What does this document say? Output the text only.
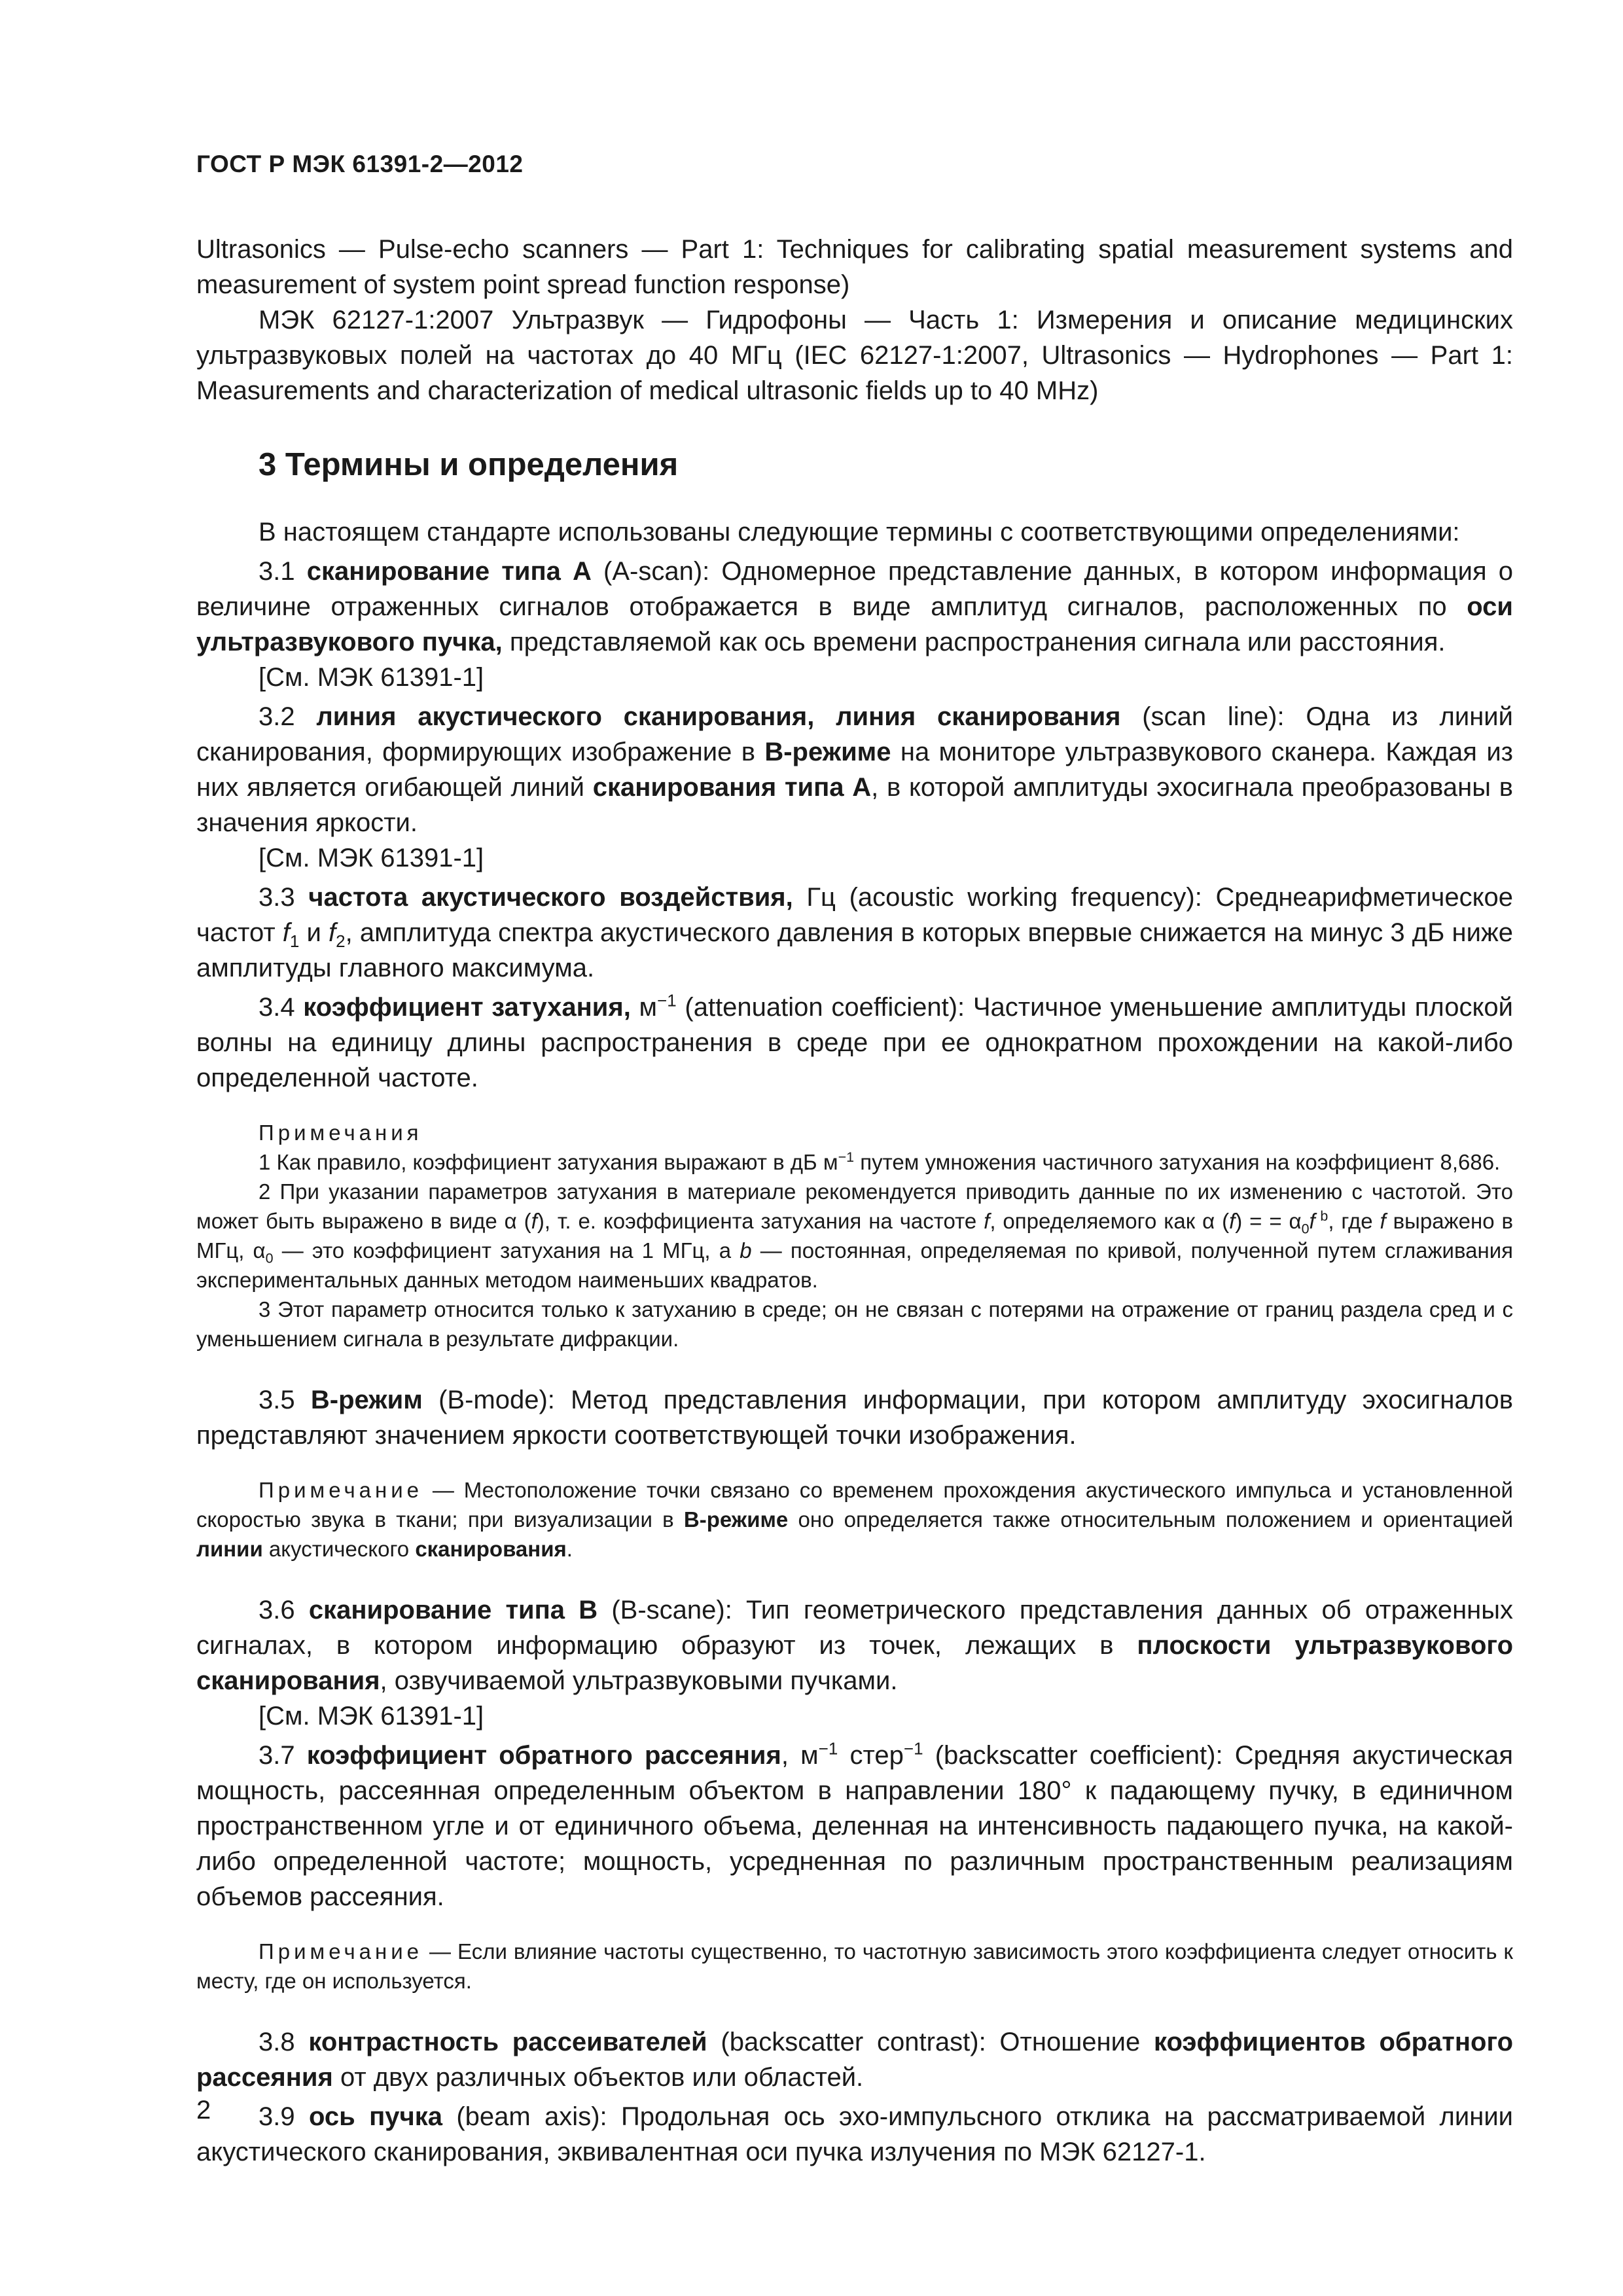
ГОСТ Р МЭК 61391-2—2012

Ultrasonics — Pulse-echo scanners — Part 1: Techniques for calibrating spatial measurement systems and measurement of system point spread function response)

МЭК 62127-1:2007 Ультразвук — Гидрофоны — Часть 1: Измерения и описание медицинских ультразвуковых полей на частотах до 40 МГц (IEC 62127-1:2007, Ultrasonics — Hydrophones — Part 1: Measurements and characterization of medical ultrasonic fields up to 40 MHz)

3 Термины и определения

В настоящем стандарте использованы следующие термины с соответствующими определениями:

3.1 сканирование типа А (A-scan): Одномерное представление данных, в котором информация о величине отраженных сигналов отображается в виде амплитуд сигналов, расположенных по оси ультразвукового пучка, представляемой как ось времени распространения сигнала или расстояния.

[См. МЭК 61391-1]

3.2 линия акустического сканирования, линия сканирования (scan line): Одна из линий сканирования, формирующих изображение в В-режиме на мониторе ультразвукового сканера. Каждая из них является огибающей линий сканирования типа А, в которой амплитуды эхосигнала преобразованы в значения яркости.

[См. МЭК 61391-1]

3.3 частота акустического воздействия, Гц (acoustic working frequency): Среднеарифметическое частот $f_1$ и $f_2$, амплитуда спектра акустического давления в которых впервые снижается на минус 3 дБ ниже амплитуды главного максимума.

3.4 коэффициент затухания, $м^{-1}$ (attenuation coefficient): Частичное уменьшение амплитуды плоской волны на единицу длины распространения в среде при ее однократном прохождении на какой-либо определенной частоте.

Примечания

1 Как правило, коэффициент затухания выражают в дБ $м^{-1}$ путем умножения частичного затухания на коэффициент 8,686.

2 При указании параметров затухания в материале рекомендуется приводить данные по их изменению с частотой. Это может быть выражено в виде α (f), т. е. коэффициента затухания на частоте f, определяемого как α (f) = = $\alpha_0f$ $^b$, где f выражено в МГц, $\alpha_0$ — это коэффициент затухания на 1 МГц, а b — постоянная, определяемая по кривой, полученной путем сглаживания экспериментальных данных методом наименьших квадратов.

3 Этот параметр относится только к затуханию в среде; он не связан с потерями на отражение от границ раздела сред и с уменьшением сигнала в результате дифракции.

3.5 В-режим (B-mode): Метод представления информации, при котором амплитуду эхосигналов представляют значением яркости соответствующей точки изображения.

Примечание — Местоположение точки связано со временем прохождения акустического импульса и установленной скоростью звука в ткани; при визуализации в В-режиме оно определяется также относительным положением и ориентацией линии акустического сканирования.

3.6 сканирование типа В (B-scane): Тип геометрического представления данных об отраженных сигналах, в котором информацию образуют из точек, лежащих в плоскости ультразвукового сканирования, озвучиваемой ультразвуковыми пучками.

[См. МЭК 61391-1]

3.7 коэффициент обратного рассеяния, $м^{-1}$ стер$^{-1}$ (backscatter coefficient): Средняя акустическая мощность, рассеянная определенным объектом в направлении 180° к падающему пучку, в единичном пространственном угле и от единичного объема, деленная на интенсивность падающего пучка, на какой-либо определенной частоте; мощность, усредненная по различным пространственным реализациям объемов рассеяния.

Примечание — Если влияние частоты существенно, то частотную зависимость этого коэффициента следует относить к месту, где он используется.

3.8 контрастность рассеивателей (backscatter contrast): Отношение коэффициентов обратного рассеяния от двух различных объектов или областей.

3.9 ось пучка (beam axis): Продольная ось эхо-импульсного отклика на рассматриваемой линии акустического сканирования, эквивалентная оси пучка излучения по МЭК 62127-1.

2
